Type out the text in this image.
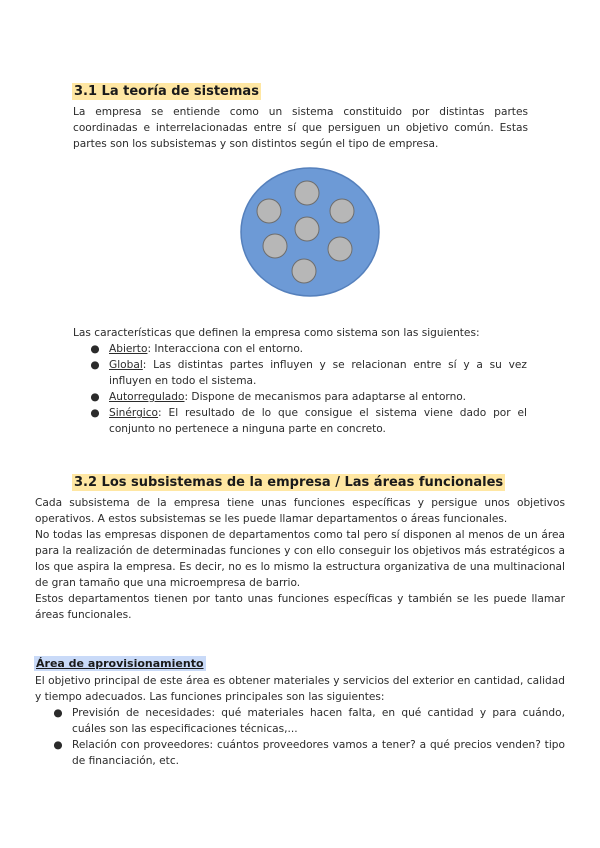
3.1 La teoría de sistemas
La empresa se entiende como un sistema constituido por distintas partes
coordinadas e interrelacionadas entre sí que persiguen un objetivo común. Estas
partes son los subsistemas y son distintos según el tipo de empresa.
Las características que definen la empresa como sistema son las siguientes:
● Abierto: Interacciona con el entorno.
● Global: Las distintas partes influyen y se relacionan entre sí y a su vez influyen en todo el sistema.
● Autorregulado: Dispone de mecanismos para adaptarse al entorno.
● Sinérgico: El resultado de lo que consigue el sistema viene dado por el conjunto no pertenece a ninguna parte en concreto.
3.2 Los subsistemas de la empresa / Las áreas funcionales
Cada subsistema de la empresa tiene unas funciones específicas y persigue unos objetivos operativos. A estos subsistemas se les puede llamar departamentos o áreas funcionales.
No todas las empresas disponen de departamentos como tal pero sí disponen al menos de un área para la realización de determinadas funciones y con ello conseguir los objetivos más estratégicos a los que aspira la empresa. Es decir, no es lo mismo la estructura organizativa de una multinacional de gran tamaño que una microempresa de barrio.
Estos departamentos tienen por tanto unas funciones específicas y también se les puede llamar áreas funcionales.
Área de aprovisionamiento
El objetivo principal de este área es obtener materiales y servicios del exterior en cantidad, calidad y tiempo adecuados. Las funciones principales son las siguientes:
● Previsión de necesidades: qué materiales hacen falta, en qué cantidad y para cuándo, cuáles son las especificaciones técnicas,...
● Relación con proveedores: cuántos proveedores vamos a tener? a qué precios venden? tipo de financiación, etc.
